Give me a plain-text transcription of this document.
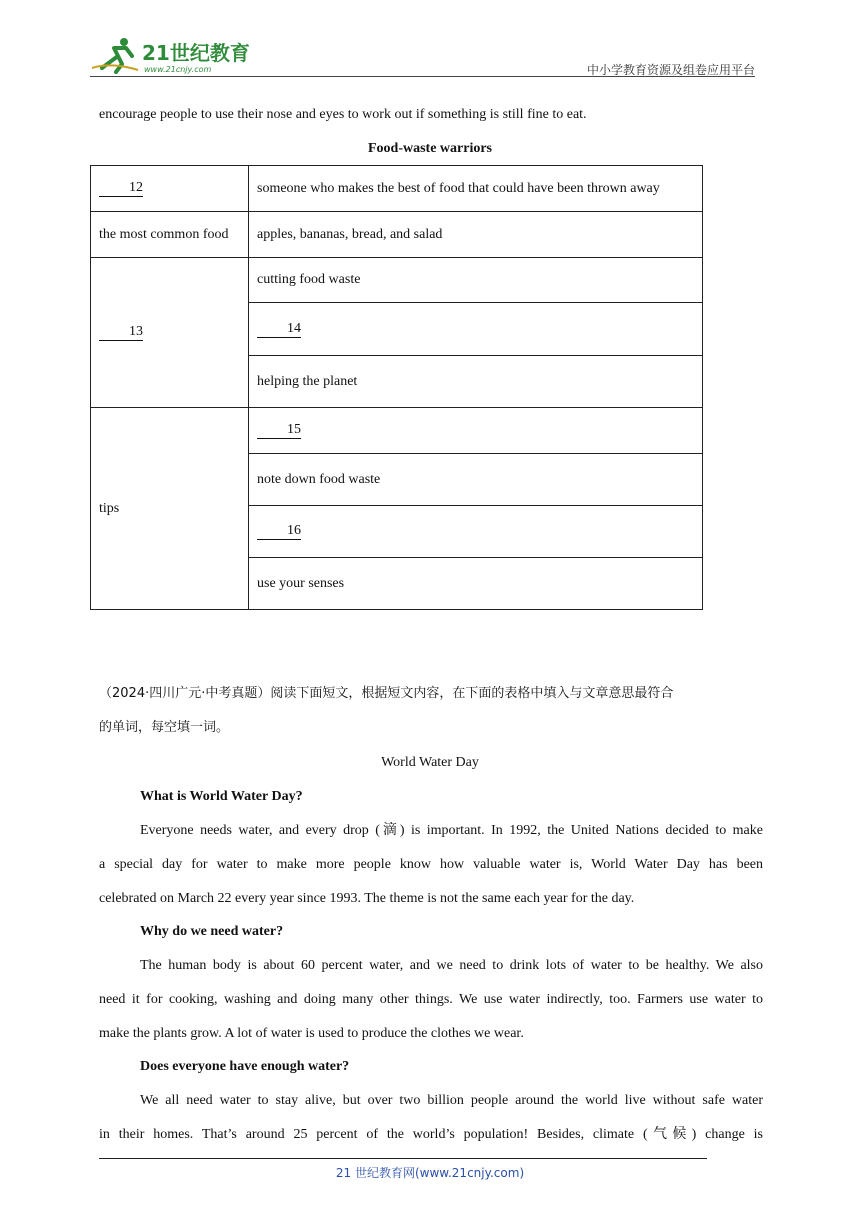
21世纪教育
www.21cnjy.com	中小学教育资源及组卷应用平台
encourage people to use their nose and eyes to work out if something is still fine to eat.
Food-waste warriors
12	someone who makes the best of food that could have been thrown away
the most common food	apples, bananas, bread, and salad
13	cutting food waste
	14
	helping the planet
tips	15
	note down food waste
	16
	use your senses
（2024·四川广元·中考真题）阅读下面短文，根据短文内容，在下面的表格中填入与文章意思最符合
的单词，每空填一词。
World Water Day
What is World Water Day?
Everyone needs water, and every drop (滴) is important. In 1992, the United Nations decided to make
a special day for water to make more people know how valuable water is, World Water Day has been
celebrated on March 22 every year since 1993. The theme is not the same each year for the day.
Why do we need water?
The human body is about 60 percent water, and we need to drink lots of water to be healthy. We also
need it for cooking, washing and doing many other things. We use water indirectly, too. Farmers use water to
make the plants grow. A lot of water is used to produce the clothes we wear.
Does everyone have enough water?
We all need water to stay alive, but over two billion people around the world live without safe water
in their homes. That’s around 25 percent of the world’s population! Besides, climate (气候) change is
21 世纪教育网(www.21cnjy.com)
